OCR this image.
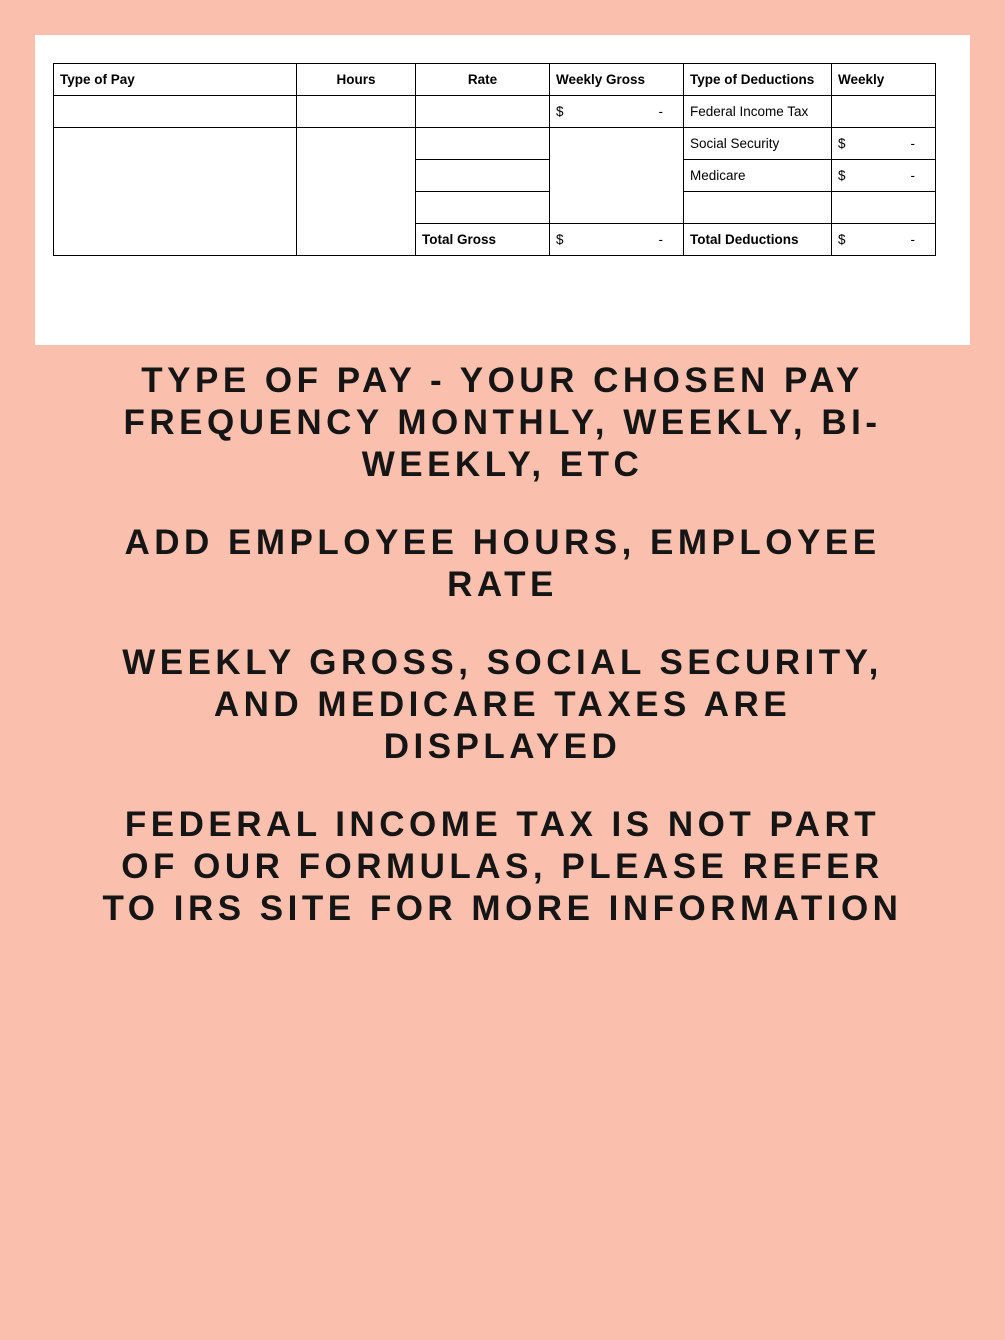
Type of Pay	Hours	Rate	Weekly Gross	Type of Deductions	Weekly

			$ -	Federal Income Tax	

				Social Security	$ -

				Medicare	$ -

		Total Gross	$ -	Total Deductions	$ -

TYPE OF PAY - YOUR CHOSEN PAY FREQUENCY MONTHLY, WEEKLY, BI-WEEKLY, ETC

ADD EMPLOYEE HOURS, EMPLOYEE RATE

WEEKLY GROSS, SOCIAL SECURITY, AND MEDICARE TAXES ARE DISPLAYED

FEDERAL INCOME TAX IS NOT PART OF OUR FORMULAS, PLEASE REFER TO IRS SITE FOR MORE INFORMATION
